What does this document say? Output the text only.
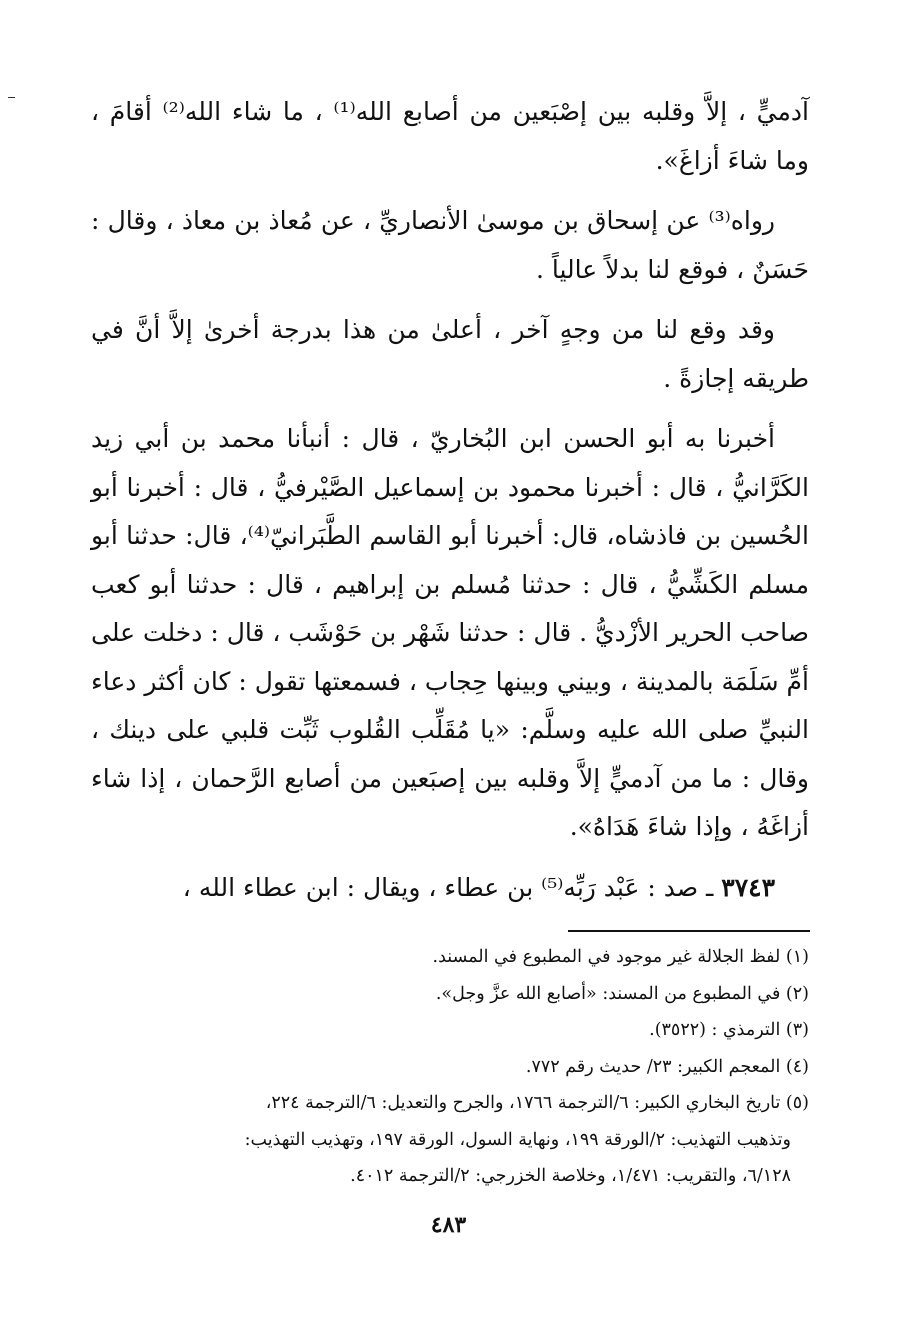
آدميٍّ ، إلاَّ وقلبه بين إصْبَعين من أصابع الله⁽¹⁾ ، ما شاء الله⁽²⁾ أقامَ ، وما شاءَ أزاغَ».

رواه⁽³⁾ عن إسحاق بن موسىٰ الأنصاريِّ ، عن مُعاذ بن معاذ ، وقال : حَسَنٌ ، فوقع لنا بدلاً عالياً .

وقد وقع لنا من وجهٍ آخر ، أعلىٰ من هذا بدرجة أخرىٰ إلاَّ أنَّ في طريقه إجازةً .

أخبرنا به أبو الحسن ابن البُخاريّ ، قال : أنبأنا محمد بن أبي زيد الكَرَّانيُّ ، قال : أخبرنا محمود بن إسماعيل الصَّيْرفيُّ ، قال : أخبرنا أبو الحُسين بن فاذشاه، قال: أخبرنا أبو القاسم الطَّبَرانيّ⁽⁴⁾، قال: حدثنا أبو مسلم الكَشِّيُّ ، قال : حدثنا مُسلم بن إبراهيم ، قال : حدثنا أبو كعب صاحب الحرير الأزْديُّ . قال : حدثنا شَهْر بن حَوْشَب ، قال : دخلت على أمِّ سَلَمَة بالمدينة ، وبيني وبينها حِجاب ، فسمعتها تقول : كان أكثر دعاء النبيِّ صلى الله عليه وسلَّم: «يا مُقَلِّب القُلوب ثَبِّت قلبي على دينك ، وقال : ما من آدميٍّ إلاَّ وقلبه بين إصبَعين من أصابع الرَّحمان ، إذا شاء أزاغَهُ ، وإذا شاءَ هَدَاهُ».

٣٧٤٣ ـ صد : عَبْد رَبِّه⁽⁵⁾ بن عطاء ، ويقال : ابن عطاء الله ،

(١) لفظ الجلالة غير موجود في المطبوع في المسند.

(٢) في المطبوع من المسند: «أصابع الله عزَّ وجل».

(٣) الترمذي : (٣٥٢٢).

(٤) المعجم الكبير: ٢٣/ حديث رقم ٧٧٢.

(٥) تاريخ البخاري الكبير: ٦/الترجمة ١٧٦٦، والجرح والتعديل: ٦/الترجمة ٢٢٤،

وتذهيب التهذيب: ٢/الورقة ١٩٩، ونهاية السول، الورقة ١٩٧، وتهذيب التهذيب:

٦/١٢٨، والتقريب: ١/٤٧١، وخلاصة الخزرجي: ٢/الترجمة ٤٠١٢.

٤٨٣
